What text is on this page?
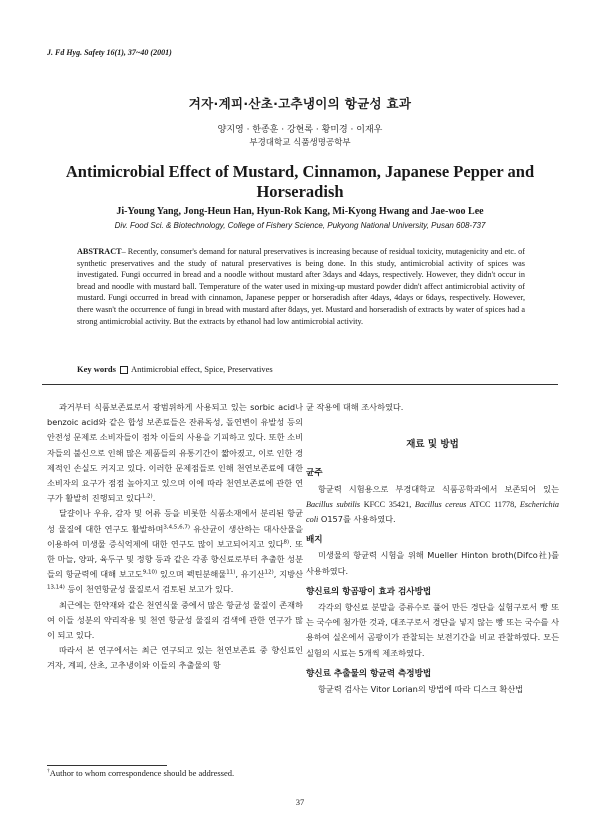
J. Fd Hyg. Safety 16(1), 37~40 (2001)
겨자·계피·산초·고추냉이의 항균성 효과
양지영 · 한종훈 · 강현록 · 황미경 · 이재우
부경대학교 식품생명공학부
Antimicrobial Effect of Mustard, Cinnamon, Japanese Pepper and Horseradish
Ji-Young Yang, Jong-Heun Han, Hyun-Rok Kang, Mi-Kyong Hwang and Jae-woo Lee
Div. Food Sci. & Biotechnology, College of Fishery Science, Pukyong National University, Pusan 608-737
ABSTRACT– Recently, consumer's demand for natural preservatives is increasing because of residual toxicity, mutagenicity and etc. of synthetic preservatives and the study of natural preservatives is being done. In this study, antimicrobial activity of spices was investigated. Fungi occurred in bread and a noodle without mustard after 3days and 4days, respectively. However, they didn't occur in bread and noodle with mustard ball. Temperature of the water used in mixing-up mustard powder didn't affect antimicrobial activity of mustard. Fungi occurred in bread with cinnamon, Japanese pepper or horseradish after 4days, 4days or 6days, respectively. However, there wasn't the occurrence of fungi in bread with mustard after 8days, yet. Mustard and horseradish of extracts by water of spices had a strong antimicrobial activity. But the extracts by ethanol had low antimicrobial activity.
Key words Antimicrobial effect, Spice, Preservatives

과거부터 식품보존료로서 광범위하게 사용되고 있는 sorbic acid나 benzoic acid와 같은 합성 보존료들은 잔류독성, 돌연변이 유발성 등의 안전성 문제로 소비자들이 점차 이들의 사용을 기피하고 있다. 또한 소비자들의 불신으로 인해 많은 제품들의 유통기간이 짧아졌고, 이로 인한 경제적인 손실도 커지고 있다. 이러한 문제점들로 인해 천연보존료에 대한 소비자의 요구가 점점 높아지고 있으며 이에 따라 천연보존료에 관한 연구가 활발히 진행되고 있다$^{1,2)}$.

달걀이나 우유, 감자 및 어류 등을 비롯한 식품소재에서 분리된 항균성 물질에 대한 연구도 활발하며$^{3,4,5,6,7)}$ 유산균이 생산하는 대사산물을 이용하여 미생물 증식억제에 대한 연구도 많이 보고되어지고 있다$^{8)}$. 또한 마늘, 양파, 육두구 및 정향 등과 같은 각종 향신료로부터 추출한 성분들의 항균력에 대해 보고도$^{9,10)}$ 있으며 펙틴분해물$^{11)}$, 유기산$^{12)}$, 지방산$^{13,14)}$ 등이 천연항균성 물질로서 검토된 보고가 있다.

최근에는 한약재와 같은 천연식물 중에서 많은 항균성 물질이 존재하여 이들 성분의 약리작용 및 천연 항균성 물질의 검색에 관한 연구가 많이 되고 있다.

따라서 본 연구에서는 최근 연구되고 있는 천연보존료 중 향신료인 겨자, 계피, 산초, 고추냉이와 이들의 추출물의 항

균 작용에 대해 조사하였다.
재료 및 방법
균주

항균력 시험용으로 부경대학교 식품공학과에서 보존되어 있는 Bacillus subtilis KFCC 35421, Bacillus cereus ATCC 11778, Escherichia coli O157를 사용하였다.

배지

미생물의 항균력 시험을 위해 Mueller Hinton broth(Difco社)를 사용하였다.

향신료의 항곰팡이 효과 검사방법

각각의 향신료 분말을 증류수로 풀어 만든 경단을 실험구로서 빵 또는 국수에 첨가한 것과, 대조구로서 경단을 넣지 않는 빵 또는 국수를 사용하여 실온에서 곰팡이가 관찰되는 보전기간을 비교 관찰하였다. 모든 실험의 시료는 5개씩 제조하였다.

향신료 추출물의 항균력 측정방법

항균력 검사는 Vitor Lorian의 방법에 따라 디스크 확산법

†Author to whom correspondence should be addressed.
37
